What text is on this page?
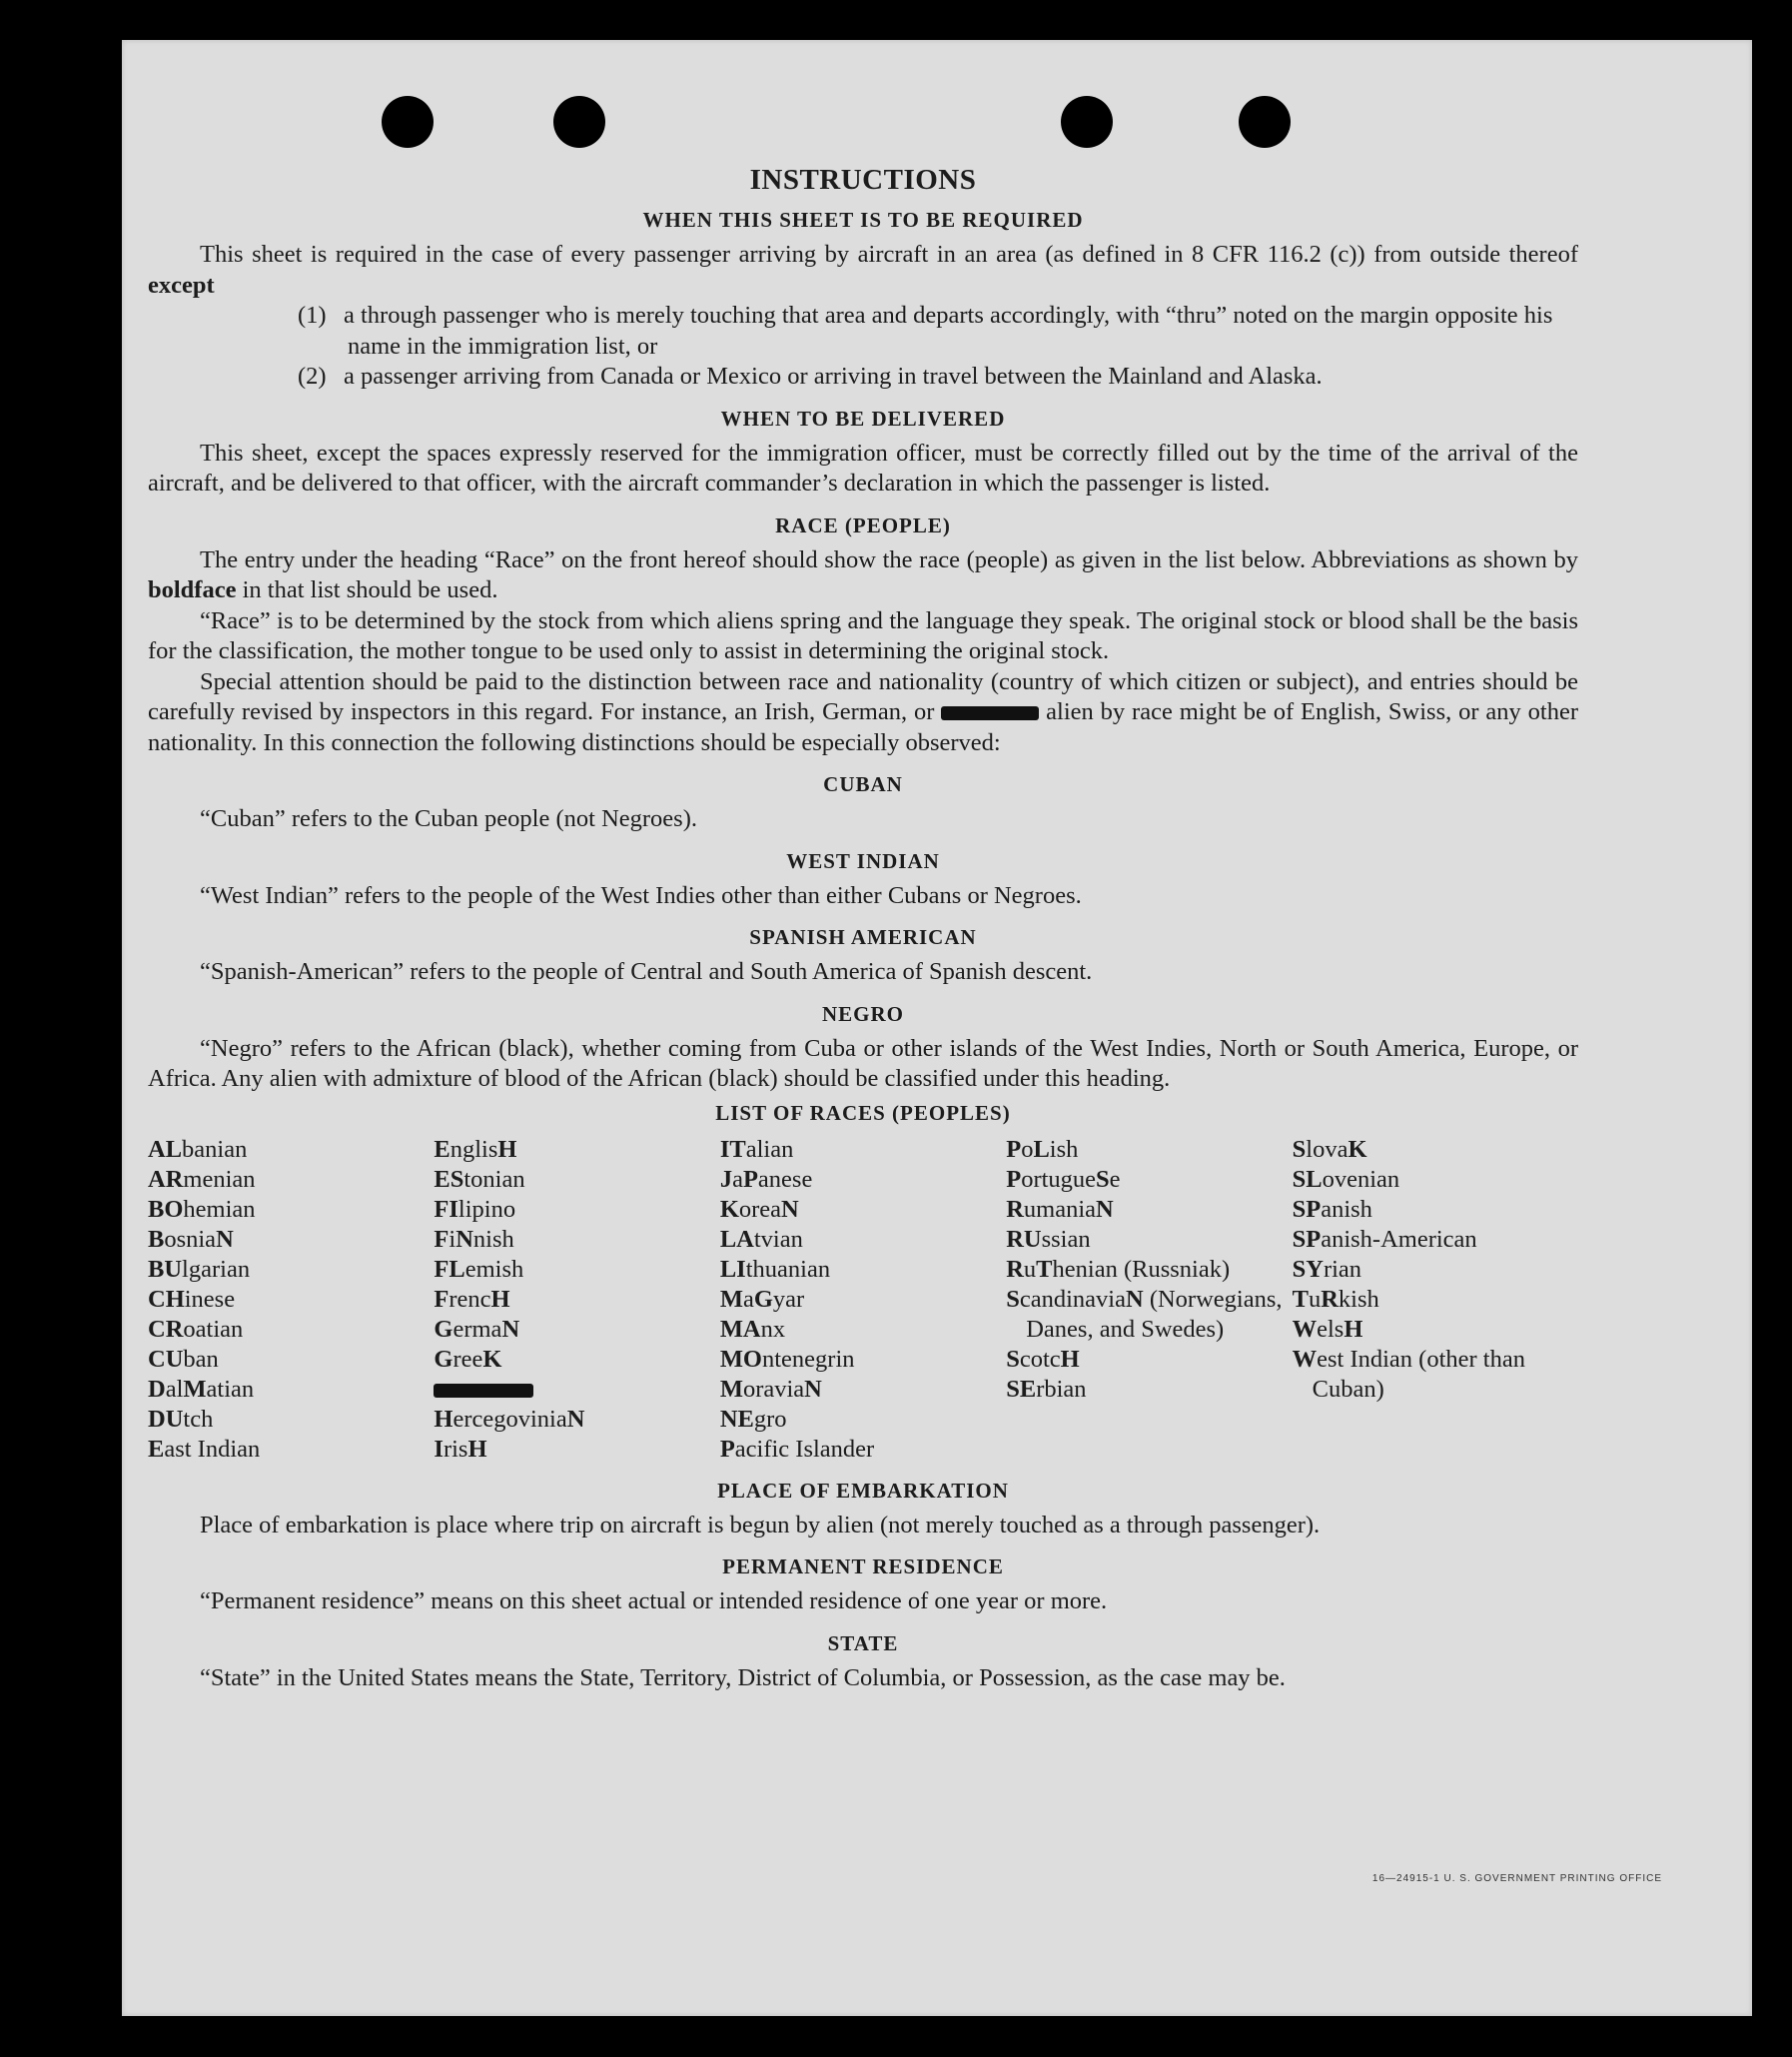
INSTRUCTIONS
WHEN THIS SHEET IS TO BE REQUIRED

This sheet is required in the case of every passenger arriving by aircraft in an area (as defined in 8 CFR 116.2 (c)) from outside thereof except

(1) a through passenger who is merely touching that area and departs accordingly, with “thru” noted on the margin opposite his name in the immigration list, or

(2) a passenger arriving from Canada or Mexico or arriving in travel between the Mainland and Alaska.

WHEN TO BE DELIVERED

This sheet, except the spaces expressly reserved for the immigration officer, must be correctly filled out by the time of the arrival of the aircraft, and be delivered to that officer, with the aircraft commander’s declaration in which the passenger is listed.

RACE (PEOPLE)

The entry under the heading “Race” on the front hereof should show the race (people) as given in the list below. Abbreviations as shown by boldface in that list should be used.

“Race” is to be determined by the stock from which aliens spring and the language they speak. The original stock or blood shall be the basis for the classification, the mother tongue to be used only to assist in determining the original stock.

Special attention should be paid to the distinction between race and nationality (country of which citizen or subject), and entries should be carefully revised by inspectors in this regard. For instance, an Irish, German, or	alien by race might be of English, Swiss, or any other nationality. In this connection the following distinctions should be especially observed:

CUBAN

“Cuban” refers to the Cuban people (not Negroes).

WEST INDIAN

“West Indian” refers to the people of the West Indies other than either Cubans or Negroes.

SPANISH AMERICAN

“Spanish-American” refers to the people of Central and South America of Spanish descent.

NEGRO

“Negro” refers to the African (black), whether coming from Cuba or other islands of the West Indies, North or South America, Europe, or Africa. Any alien with admixture of blood of the African (black) should be classified under this heading.

LIST OF RACES (PEOPLES)
ALbanian
ARmenian
BOhemian
BosniaN
BUlgarian
CHinese
CRoatian
CUban
DalMatian
DUtch
East Indian
EnglisH
EStonian
FIlipino
FiNnish
FLemish
FrencH
GermaN
GreeK
HercegoviniaN
IrisH
ITalian
JaPanese
KoreaN
LAtvian
LIthuanian
MaGyar
MAnx
MOntenegrin
MoraviaN
NEgro
Pacific Islander
PoLish
PortugueSe
RumaniaN
RUssian
RuThenian (Russniak)
ScandinaviaN (Norwegians, Danes, and Swedes)
ScotcH
SErbian
SlovaK
SLovenian
SPanish
SPanish-American
SYrian
TuRkish
WelsH
West Indian (other than Cuban)
PLACE OF EMBARKATION

Place of embarkation is place where trip on aircraft is begun by alien (not merely touched as a through passenger).

PERMANENT RESIDENCE

“Permanent residence” means on this sheet actual or intended residence of one year or more.

STATE

“State” in the United States means the State, Territory, District of Columbia, or Possession, as the case may be.

16—24915-1 U. S. GOVERNMENT PRINTING OFFICE
